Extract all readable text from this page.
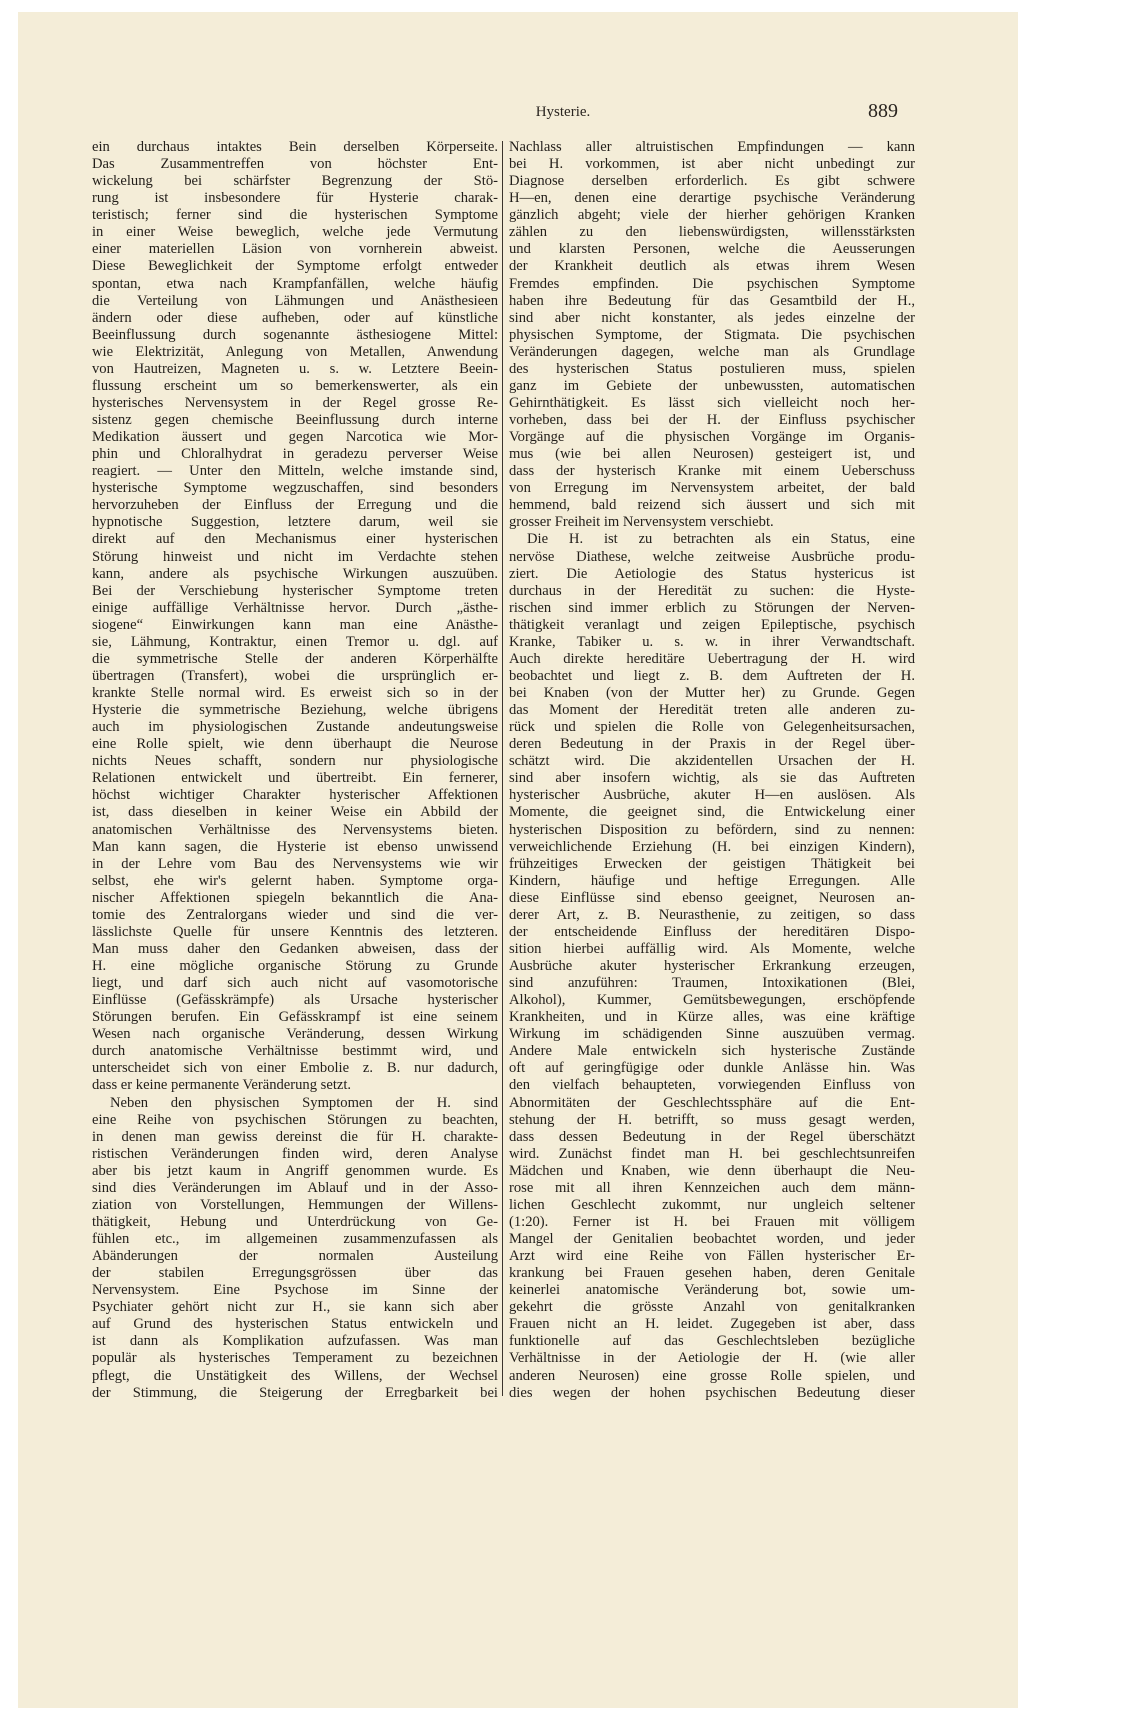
Hysterie.	889
ein durchaus intaktes Bein derselben Körperseite.
Das Zusammentreffen von höchster Ent-
wickelung bei schärfster Begrenzung der Stö-
rung ist insbesondere für Hysterie charak-
teristisch; ferner sind die hysterischen Symptome
in einer Weise beweglich, welche jede Vermutung
einer materiellen Läsion von vornherein abweist.
Diese Beweglichkeit der Symptome erfolgt entweder
spontan, etwa nach Krampfanfällen, welche häufig
die Verteilung von Lähmungen und Anästhesieen
ändern oder diese aufheben, oder auf künstliche
Beeinflussung durch sogenannte ästhesiogene Mittel:
wie Elektrizität, Anlegung von Metallen, Anwendung
von Hautreizen, Magneten u. s. w. Letztere Beein-
flussung erscheint um so bemerkenswerter, als ein
hysterisches Nervensystem in der Regel grosse Re-
sistenz gegen chemische Beeinflussung durch interne
Medikation äussert und gegen Narcotica wie Mor-
phin und Chloralhydrat in geradezu perverser Weise
reagiert. — Unter den Mitteln, welche imstande sind,
hysterische Symptome wegzuschaffen, sind besonders
hervorzuheben der Einfluss der Erregung und die
hypnotische Suggestion, letztere darum, weil sie
direkt auf den Mechanismus einer hysterischen
Störung hinweist und nicht im Verdachte stehen
kann, andere als psychische Wirkungen auszuüben.
Bei der Verschiebung hysterischer Symptome treten
einige auffällige Verhältnisse hervor. Durch „ästhe-
siogene“ Einwirkungen kann man eine Anästhe-
sie, Lähmung, Kontraktur, einen Tremor u. dgl. auf
die symmetrische Stelle der anderen Körperhälfte
übertragen (Transfert), wobei die ursprünglich er-
krankte Stelle normal wird. Es erweist sich so in der
Hysterie die symmetrische Beziehung, welche übrigens
auch im physiologischen Zustande andeutungsweise
eine Rolle spielt, wie denn überhaupt die Neurose
nichts Neues schafft, sondern nur physiologische
Relationen entwickelt und übertreibt. Ein fernerer,
höchst wichtiger Charakter hysterischer Affektionen
ist, dass dieselben in keiner Weise ein Abbild der
anatomischen Verhältnisse des Nervensystems bieten.
Man kann sagen, die Hysterie ist ebenso unwissend
in der Lehre vom Bau des Nervensystems wie wir
selbst, ehe wir's gelernt haben. Symptome orga-
nischer Affektionen spiegeln bekanntlich die Ana-
tomie des Zentralorgans wieder und sind die ver-
lässlichste Quelle für unsere Kenntnis des letzteren.
Man muss daher den Gedanken abweisen, dass der
H. eine mögliche organische Störung zu Grunde
liegt, und darf sich auch nicht auf vasomotorische
Einflüsse (Gefässkrämpfe) als Ursache hysterischer
Störungen berufen. Ein Gefässkrampf ist eine seinem
Wesen nach organische Veränderung, dessen Wirkung
durch anatomische Verhältnisse bestimmt wird, und
unterscheidet sich von einer Embolie z. B. nur dadurch,
dass er keine permanente Veränderung setzt.
Neben den physischen Symptomen der H. sind
eine Reihe von psychischen Störungen zu beachten,
in denen man gewiss dereinst die für H. charakte-
ristischen Veränderungen finden wird, deren Analyse
aber bis jetzt kaum in Angriff genommen wurde. Es
sind dies Veränderungen im Ablauf und in der Asso-
ziation von Vorstellungen, Hemmungen der Willens-
thätigkeit, Hebung und Unterdrückung von Ge-
fühlen etc., im allgemeinen zusammenzufassen als
Abänderungen der normalen Austeilung
der stabilen Erregungsgrössen über das
Nervensystem. Eine Psychose im Sinne der
Psychiater gehört nicht zur H., sie kann sich aber
auf Grund des hysterischen Status entwickeln und
ist dann als Komplikation aufzufassen. Was man
populär als hysterisches Temperament zu bezeichnen
pflegt, die Unstätigkeit des Willens, der Wechsel
der Stimmung, die Steigerung der Erregbarkeit bei
Nachlass aller altruistischen Empfindungen — kann
bei H. vorkommen, ist aber nicht unbedingt zur
Diagnose derselben erforderlich. Es gibt schwere
H—en, denen eine derartige psychische Veränderung
gänzlich abgeht; viele der hierher gehörigen Kranken
zählen zu den liebenswürdigsten, willensstärksten
und klarsten Personen, welche die Aeusserungen
der Krankheit deutlich als etwas ihrem Wesen
Fremdes empfinden. Die psychischen Symptome
haben ihre Bedeutung für das Gesamtbild der H.,
sind aber nicht konstanter, als jedes einzelne der
physischen Symptome, der Stigmata. Die psychischen
Veränderungen dagegen, welche man als Grundlage
des hysterischen Status postulieren muss, spielen
ganz im Gebiete der unbewussten, automatischen
Gehirnthätigkeit. Es lässt sich vielleicht noch her-
vorheben, dass bei der H. der Einfluss psychischer
Vorgänge auf die physischen Vorgänge im Organis-
mus (wie bei allen Neurosen) gesteigert ist, und
dass der hysterisch Kranke mit einem Ueberschuss
von Erregung im Nervensystem arbeitet, der bald
hemmend, bald reizend sich äussert und sich mit
grosser Freiheit im Nervensystem verschiebt.
Die H. ist zu betrachten als ein Status, eine
nervöse Diathese, welche zeitweise Ausbrüche produ-
ziert. Die Aetiologie des Status hystericus ist
durchaus in der Heredität zu suchen: die Hyste-
rischen sind immer erblich zu Störungen der Nerven-
thätigkeit veranlagt und zeigen Epileptische, psychisch
Kranke, Tabiker u. s. w. in ihrer Verwandtschaft.
Auch direkte hereditäre Uebertragung der H. wird
beobachtet und liegt z. B. dem Auftreten der H.
bei Knaben (von der Mutter her) zu Grunde. Gegen
das Moment der Heredität treten alle anderen zu-
rück und spielen die Rolle von Gelegenheitsursachen,
deren Bedeutung in der Praxis in der Regel über-
schätzt wird. Die akzidentellen Ursachen der H.
sind aber insofern wichtig, als sie das Auftreten
hysterischer Ausbrüche, akuter H—en auslösen. Als
Momente, die geeignet sind, die Entwickelung einer
hysterischen Disposition zu befördern, sind zu nennen:
verweichlichende Erziehung (H. bei einzigen Kindern),
frühzeitiges Erwecken der geistigen Thätigkeit bei
Kindern, häufige und heftige Erregungen. Alle
diese Einflüsse sind ebenso geeignet, Neurosen an-
derer Art, z. B. Neurasthenie, zu zeitigen, so dass
der entscheidende Einfluss der hereditären Dispo-
sition hierbei auffällig wird. Als Momente, welche
Ausbrüche akuter hysterischer Erkrankung erzeugen,
sind anzuführen: Traumen, Intoxikationen (Blei,
Alkohol), Kummer, Gemütsbewegungen, erschöpfende
Krankheiten, und in Kürze alles, was eine kräftige
Wirkung im schädigenden Sinne auszuüben vermag.
Andere Male entwickeln sich hysterische Zustände
oft auf geringfügige oder dunkle Anlässe hin. Was
den vielfach behaupteten, vorwiegenden Einfluss von
Abnormitäten der Geschlechtssphäre auf die Ent-
stehung der H. betrifft, so muss gesagt werden,
dass dessen Bedeutung in der Regel überschätzt
wird. Zunächst findet man H. bei geschlechtsunreifen
Mädchen und Knaben, wie denn überhaupt die Neu-
rose mit all ihren Kennzeichen auch dem männ-
lichen Geschlecht zukommt, nur ungleich seltener
(1:20). Ferner ist H. bei Frauen mit völligem
Mangel der Genitalien beobachtet worden, und jeder
Arzt wird eine Reihe von Fällen hysterischer Er-
krankung bei Frauen gesehen haben, deren Genitale
keinerlei anatomische Veränderung bot, sowie um-
gekehrt die grösste Anzahl von genitalkranken
Frauen nicht an H. leidet. Zugegeben ist aber, dass
funktionelle auf das Geschlechtsleben bezügliche
Verhältnisse in der Aetiologie der H. (wie aller
anderen Neurosen) eine grosse Rolle spielen, und
dies wegen der hohen psychischen Bedeutung dieser
